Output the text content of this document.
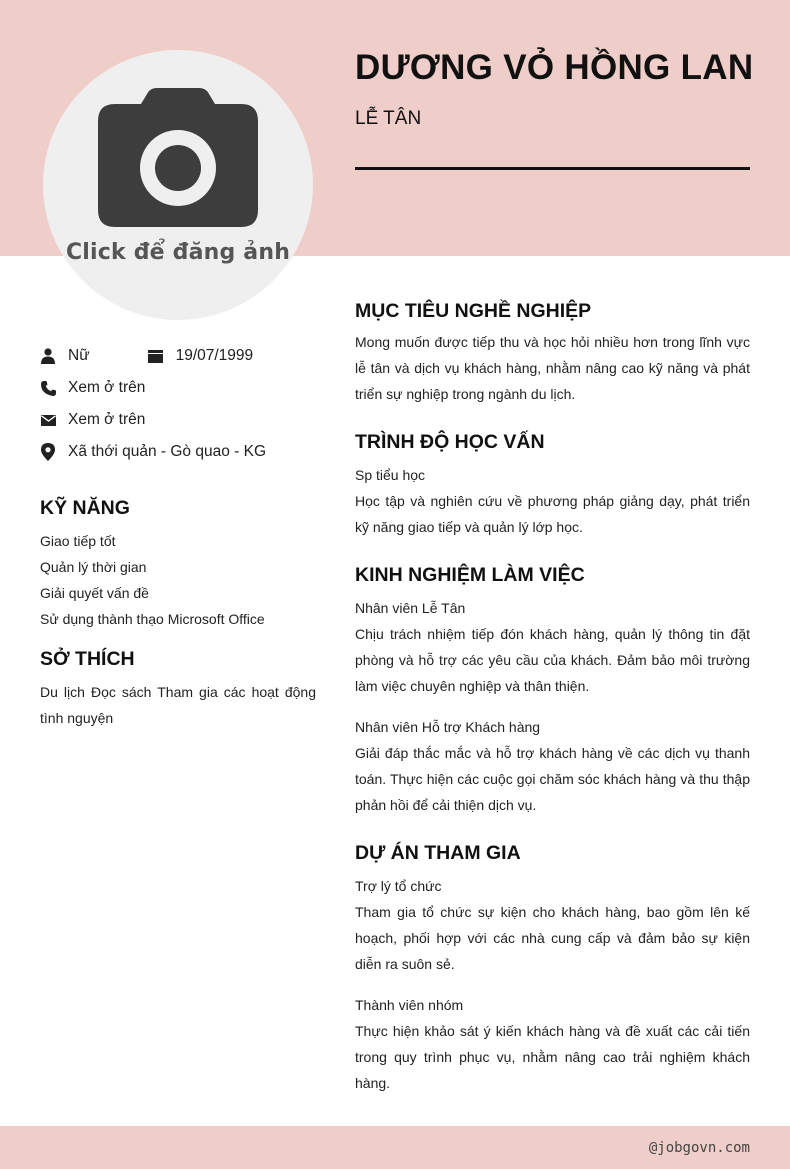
Click để đăng ảnh
DƯƠNG VỎ HỒNG LAN
LỄ TÂN
Nữ	19/07/1999
Xem ở trên
Xem ở trên
Xã thới quản - Gò quao - KG
KỸ NĂNG
Giao tiếp tốt
Quản lý thời gian
Giải quyết vấn đề
Sử dụng thành thạo Microsoft Office
SỞ THÍCH

Du lịch Đọc sách Tham gia các hoạt động tình nguyện

MỤC TIÊU NGHỀ NGHIỆP

Mong muốn được tiếp thu và học hỏi nhiều hơn trong lĩnh vực lễ tân và dịch vụ khách hàng, nhằm nâng cao kỹ năng và phát triển sự nghiệp trong ngành du lịch.

TRÌNH ĐỘ HỌC VẤN
Sp tiểu học

Học tập và nghiên cứu về phương pháp giảng dạy, phát triển kỹ năng giao tiếp và quản lý lớp học.

KINH NGHIỆM LÀM VIỆC
Nhân viên Lễ Tân

Chịu trách nhiệm tiếp đón khách hàng, quản lý thông tin đặt phòng và hỗ trợ các yêu cầu của khách. Đảm bảo môi trường làm việc chuyên nghiệp và thân thiện.

Nhân viên Hỗ trợ Khách hàng

Giải đáp thắc mắc và hỗ trợ khách hàng về các dịch vụ thanh toán. Thực hiện các cuộc gọi chăm sóc khách hàng và thu thập phản hồi để cải thiện dịch vụ.

DỰ ÁN THAM GIA
Trợ lý tổ chức

Tham gia tổ chức sự kiện cho khách hàng, bao gồm lên kế hoạch, phối hợp với các nhà cung cấp và đảm bảo sự kiện diễn ra suôn sẻ.

Thành viên nhóm

Thực hiện khảo sát ý kiến khách hàng và đề xuất các cải tiến trong quy trình phục vụ, nhằm nâng cao trải nghiệm khách hàng.

@jobgovn.com
